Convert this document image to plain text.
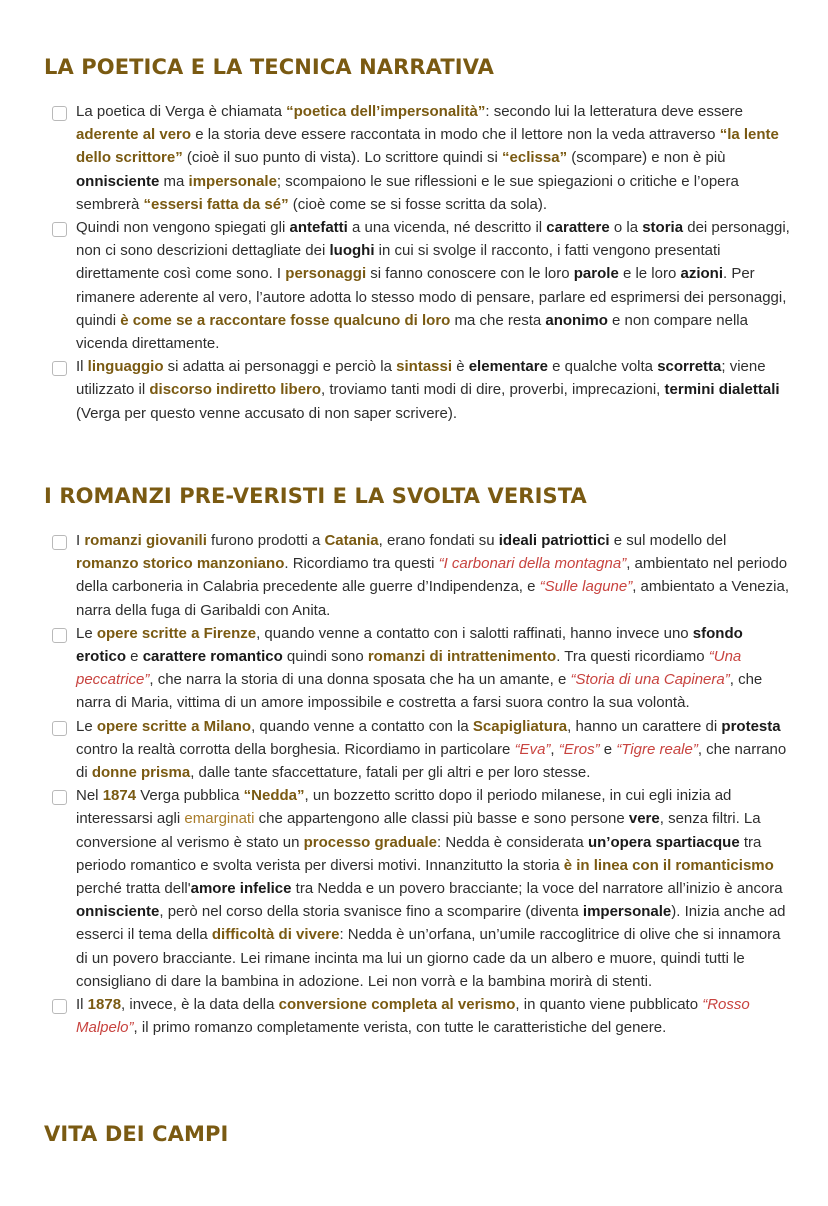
LA POETICA E LA TECNICA NARRATIVA
La poetica di Verga è chiamata “poetica dell’impersonalità”: secondo lui la letteratura deve essere aderente al vero e la storia deve essere raccontata in modo che il lettore non la veda attraverso “la lente dello scrittore” (cioè il suo punto di vista). Lo scrittore quindi si “eclissa” (scompare) e non è più onnisciente ma impersonale; scompaiono le sue riflessioni e le sue spiegazioni o critiche e l’opera sembrerà “essersi fatta da sé” (cioè come se si fosse scritta da sola).
Quindi non vengono spiegati gli antefatti a una vicenda, né descritto il carattere o la storia dei personaggi, non ci sono descrizioni dettagliate dei luoghi in cui si svolge il racconto, i fatti vengono presentati direttamente così come sono. I personaggi si fanno conoscere con le loro parole e le loro azioni. Per rimanere aderente al vero, l’autore adotta lo stesso modo di pensare, parlare ed esprimersi dei personaggi, quindi è come se a raccontare fosse qualcuno di loro ma che resta anonimo e non compare nella vicenda direttamente.
Il linguaggio si adatta ai personaggi e perciò la sintassi è elementare e qualche volta scorretta; viene utilizzato il discorso indiretto libero, troviamo tanti modi di dire, proverbi, imprecazioni, termini dialettali (Verga per questo venne accusato di non saper scrivere).
I ROMANZI PRE-VERISTI E LA SVOLTA VERISTA
I romanzi giovanili furono prodotti a Catania, erano fondati su ideali patriottici e sul modello del romanzo storico manzoniano. Ricordiamo tra questi “I carbonari della montagna”, ambientato nel periodo della carboneria in Calabria precedente alle guerre d’Indipendenza, e “Sulle lagune”, ambientato a Venezia, narra della fuga di Garibaldi con Anita.
Le opere scritte a Firenze, quando venne a contatto con i salotti raffinati, hanno invece uno sfondo erotico e carattere romantico quindi sono romanzi di intrattenimento. Tra questi ricordiamo “Una peccatrice”, che narra la storia di una donna sposata che ha un amante, e “Storia di una Capinera”, che narra di Maria, vittima di un amore impossibile e costretta a farsi suora contro la sua volontà.
Le opere scritte a Milano, quando venne a contatto con la Scapigliatura, hanno un carattere di protesta contro la realtà corrotta della borghesia. Ricordiamo in particolare “Eva”, “Eros” e “Tigre reale”, che narrano di donne prisma, dalle tante sfaccettature, fatali per gli altri e per loro stesse.
Nel 1874 Verga pubblica “Nedda”, un bozzetto scritto dopo il periodo milanese, in cui egli inizia ad interessarsi agli emarginati che appartengono alle classi più basse e sono persone vere, senza filtri. La conversione al verismo è stato un processo graduale: Nedda è considerata un’opera spartiacque tra periodo romantico e svolta verista per diversi motivi. Innanzitutto la storia è in linea con il romanticismo perché tratta dell'amore infelice tra Nedda e un povero bracciante; la voce del narratore all’inizio è ancora onnisciente, però nel corso della storia svanisce fino a scomparire (diventa impersonale). Inizia anche ad esserci il tema della difficoltà di vivere: Nedda è un’orfana, un’umile raccoglitrice di olive che si innamora di un povero bracciante. Lei rimane incinta ma lui un giorno cade da un albero e muore, quindi tutti le consigliano di dare la bambina in adozione. Lei non vorrà e la bambina morirà di stenti.
Il 1878, invece, è la data della conversione completa al verismo, in quanto viene pubblicato “Rosso Malpelo”, il primo romanzo completamente verista, con tutte le caratteristiche del genere.
VITA DEI CAMPI
